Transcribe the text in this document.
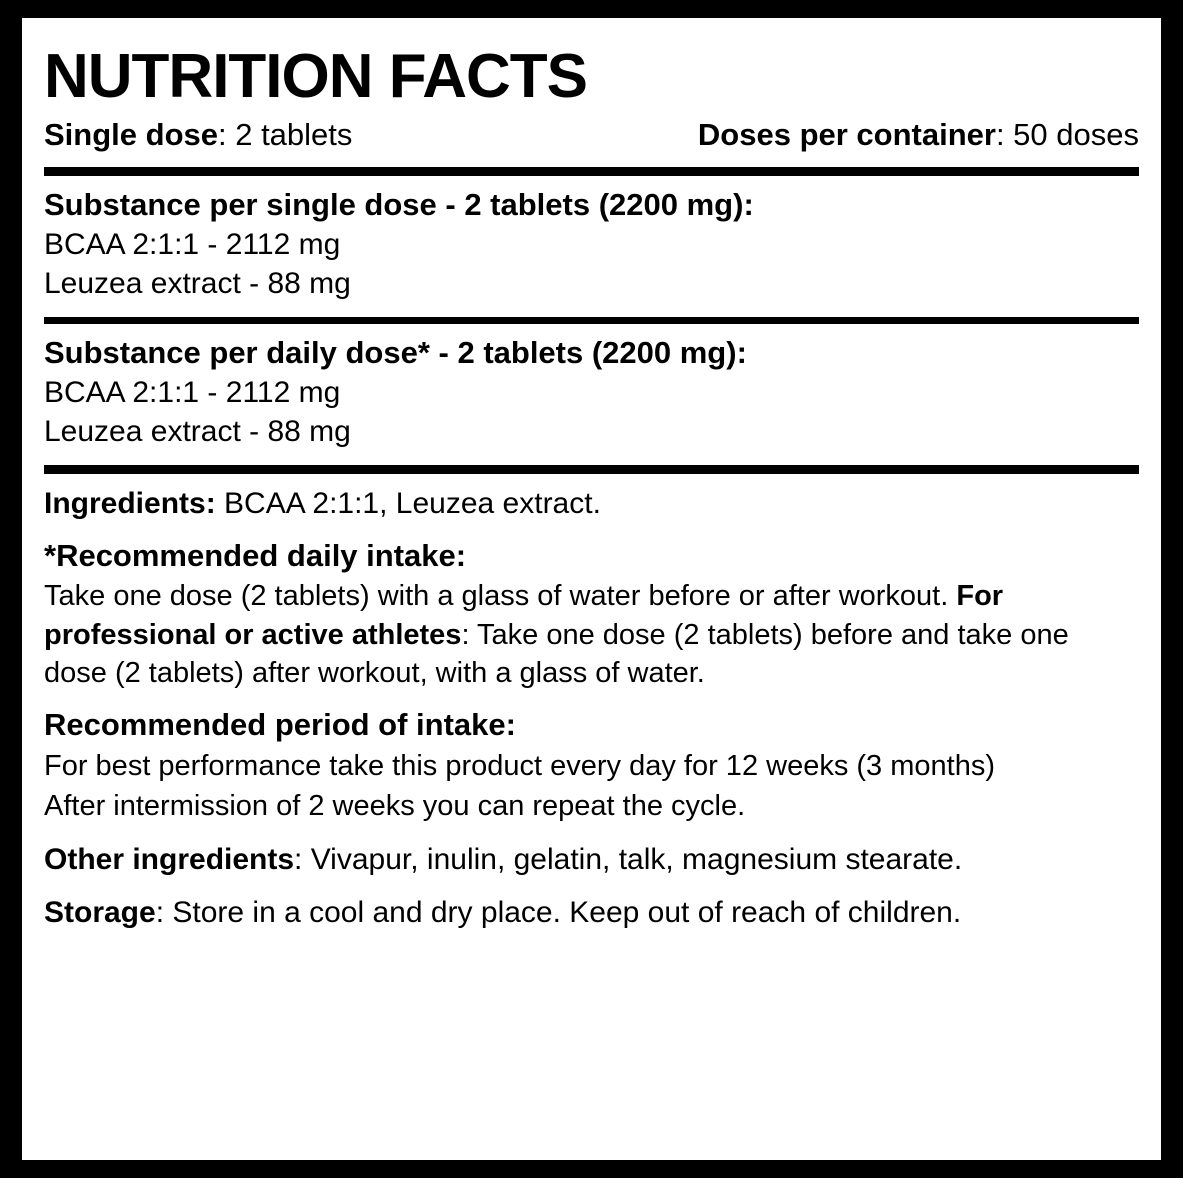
NUTRITION FACTS
Single dose: 2 tablets	Doses per container: 50 doses
Substance per single dose - 2 tablets (2200 mg):
BCAA 2:1:1 - 2112 mg
Leuzea extract - 88 mg
Substance per daily dose* - 2 tablets (2200 mg):
BCAA 2:1:1 - 2112 mg
Leuzea extract - 88 mg
Ingredients: BCAA 2:1:1, Leuzea extract.
*Recommended daily intake:
Take one dose (2 tablets) with a glass of water before or after workout. For professional or active athletes: Take one dose (2 tablets) before and take one dose (2 tablets) after workout, with a glass of water.
Recommended period of intake:
For best performance take this product every day for 12 weeks (3 months)
After intermission of 2 weeks you can repeat the cycle.
Other ingredients: Vivapur, inulin, gelatin, talk, magnesium stearate.
Storage: Store in a cool and dry place. Keep out of reach of children.
